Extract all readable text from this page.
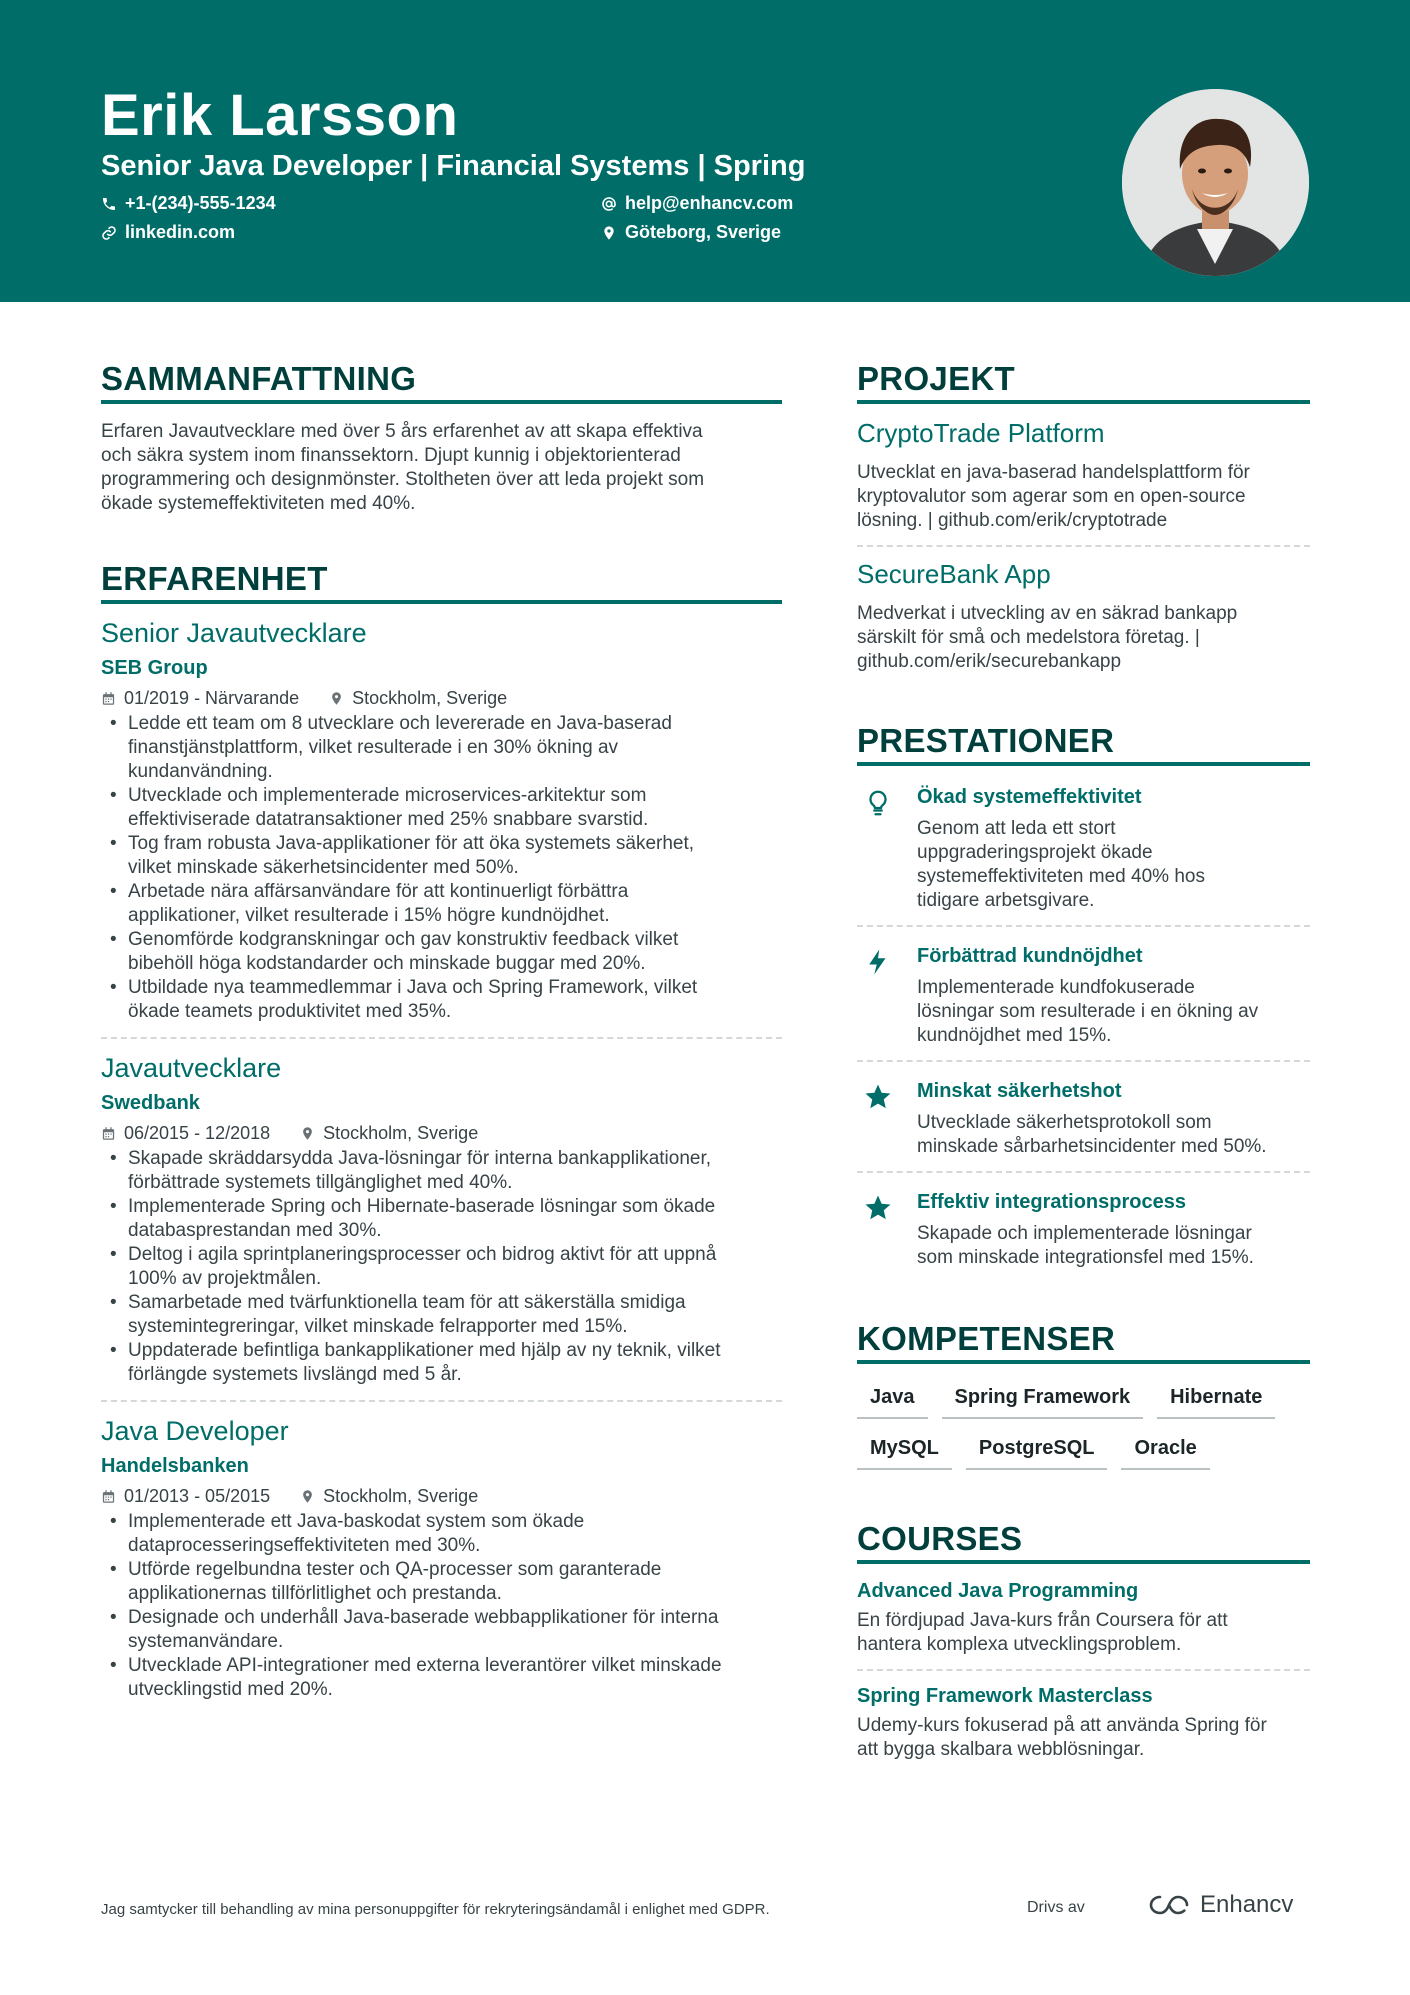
Erik Larsson
Senior Java Developer | Financial Systems | Spring
+1-(234)-555-1234	help@enhancv.com
linkedin.com	Göteborg, Sverige
SAMMANFATTNING
Erfaren Javautvecklare med över 5 års erfarenhet av att skapa effektiva
och säkra system inom finanssektorn. Djupt kunnig i objektorienterad
programmering och designmönster. Stoltheten över att leda projekt som
ökade systemeffektiviteten med 40%.
ERFARENHET
Senior Javautvecklare
SEB Group
01/2019 - Närvarande	Stockholm, Sverige
• Ledde ett team om 8 utvecklare och levererade en Java-baserad
finanstjänstplattform, vilket resulterade i en 30% ökning av
kundanvändning.
• Utvecklade och implementerade microservices-arkitektur som
effektiviserade datatransaktioner med 25% snabbare svarstid.
• Tog fram robusta Java-applikationer för att öka systemets säkerhet,
vilket minskade säkerhetsincidenter med 50%.
• Arbetade nära affärsanvändare för att kontinuerligt förbättra
applikationer, vilket resulterade i 15% högre kundnöjdhet.
• Genomförde kodgranskningar och gav konstruktiv feedback vilket
bibehöll höga kodstandarder och minskade buggar med 20%.
• Utbildade nya teammedlemmar i Java och Spring Framework, vilket
ökade teamets produktivitet med 35%.
Javautvecklare
Swedbank
06/2015 - 12/2018	Stockholm, Sverige
• Skapade skräddarsydda Java-lösningar för interna bankapplikationer,
förbättrade systemets tillgänglighet med 40%.
• Implementerade Spring och Hibernate-baserade lösningar som ökade
databasprestandan med 30%.
• Deltog i agila sprintplaneringsprocesser och bidrog aktivt för att uppnå
100% av projektmålen.
• Samarbetade med tvärfunktionella team för att säkerställa smidiga
systemintegreringar, vilket minskade felrapporter med 15%.
• Uppdaterade befintliga bankapplikationer med hjälp av ny teknik, vilket
förlängde systemets livslängd med 5 år.
Java Developer
Handelsbanken
01/2013 - 05/2015	Stockholm, Sverige
• Implementerade ett Java-baskodat system som ökade
dataprocesseringseffektiviteten med 30%.
• Utförde regelbundna tester och QA-processer som garanterade
applikationernas tillförlitlighet och prestanda.
• Designade och underhåll Java-baserade webbapplikationer för interna
systemanvändare.
• Utvecklade API-integrationer med externa leverantörer vilket minskade
utvecklingstid med 20%.
PROJEKT
CryptoTrade Platform
Utvecklat en java-baserad handelsplattform för
kryptovalutor som agerar som en open-source
lösning. | github.com/erik/cryptotrade
SecureBank App
Medverkat i utveckling av en säkrad bankapp
särskilt för små och medelstora företag. |
github.com/erik/securebankapp
PRESTATIONER
Ökad systemeffektivitet
Genom att leda ett stort
uppgraderingsprojekt ökade
systemeffektiviteten med 40% hos
tidigare arbetsgivare.
Förbättrad kundnöjdhet
Implementerade kundfokuserade
lösningar som resulterade i en ökning av
kundnöjdhet med 15%.
Minskat säkerhetshot
Utvecklade säkerhetsprotokoll som
minskade sårbarhetsincidenter med 50%.
Effektiv integrationsprocess
Skapade och implementerade lösningar
som minskade integrationsfel med 15%.
KOMPETENSER
Java	Spring Framework	Hibernate
MySQL	PostgreSQL	Oracle
COURSES
Advanced Java Programming
En fördjupad Java-kurs från Coursera för att
hantera komplexa utvecklingsproblem.
Spring Framework Masterclass
Udemy-kurs fokuserad på att använda Spring för
att bygga skalbara webblösningar.
Jag samtycker till behandling av mina personuppgifter för rekryteringsändamål i enlighet med GDPR.	Drivs av	Enhancv
